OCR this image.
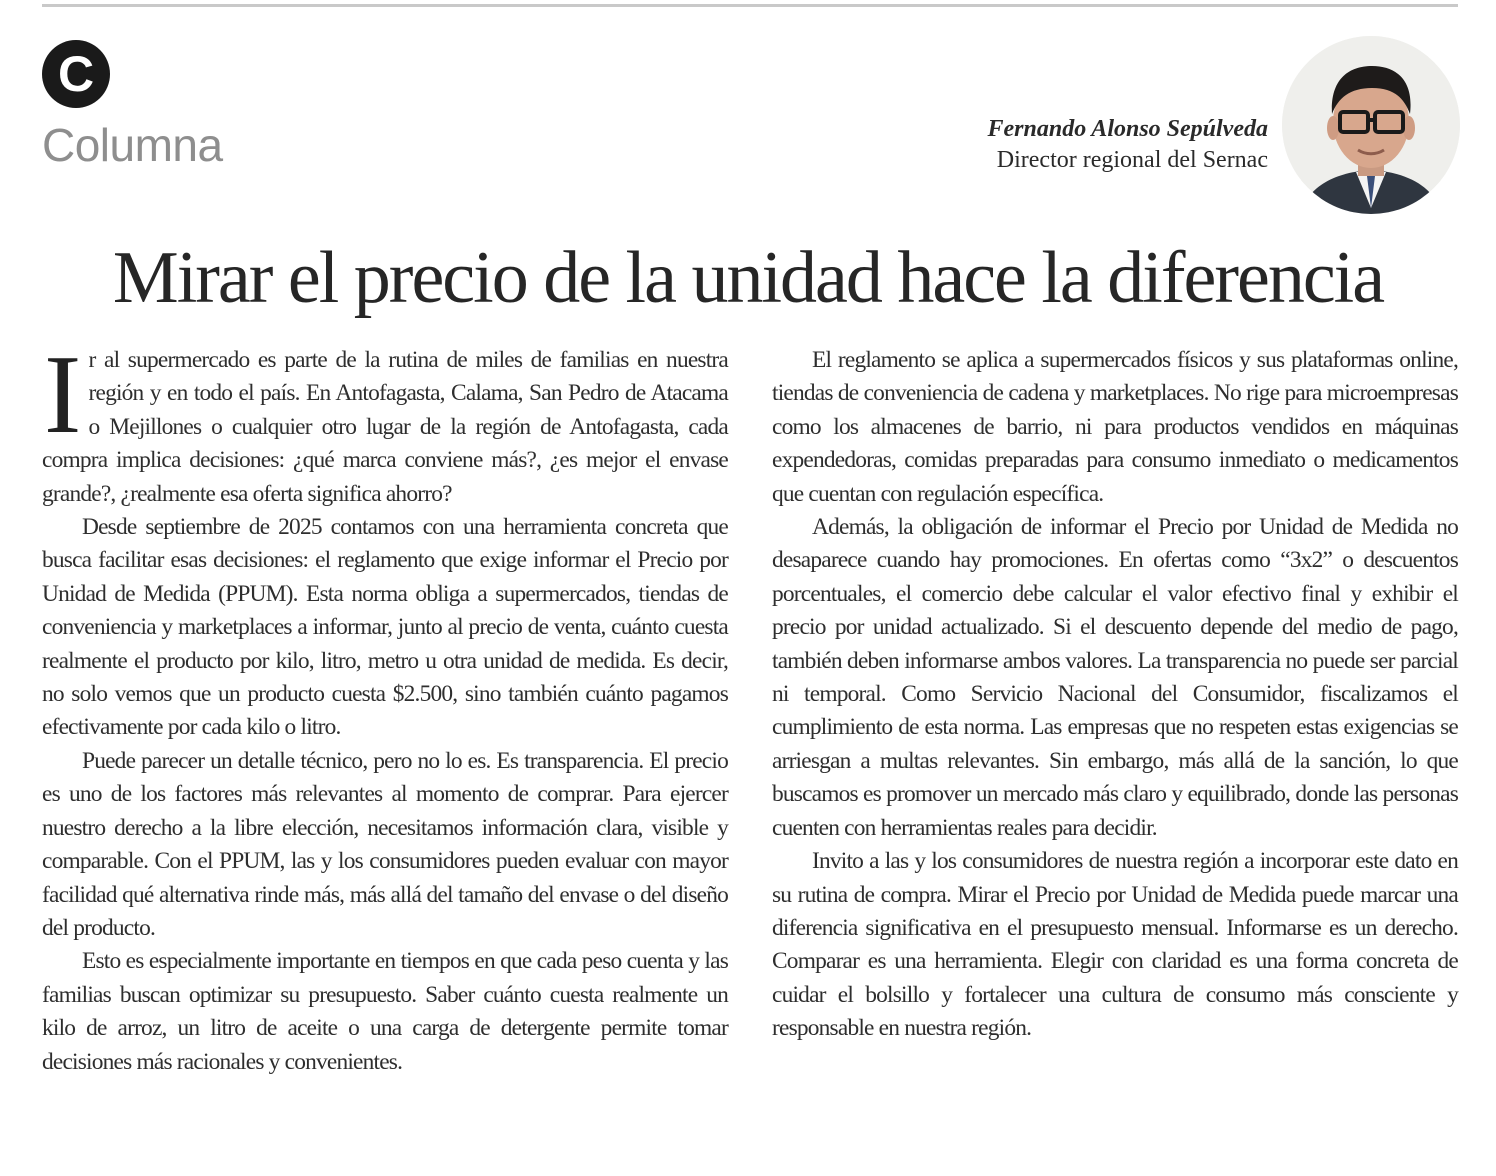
C
Columna	Fernando Alonso Sepúlveda
Director regional del Sernac
Mirar el precio de la unidad hace la diferencia

Ir al supermercado es parte de la rutina de miles de familias en nuestra región y en todo el país. En Antofagasta, Calama, San Pedro de Atacama o Mejillones o cualquier otro lugar de la región de Antofagasta, cada compra implica decisiones: ¿qué marca conviene más?, ¿es mejor el envase grande?, ¿realmente esa oferta significa ahorro?

Desde septiembre de 2025 contamos con una herramienta concreta que busca facilitar esas decisiones: el reglamento que exige informar el Precio por Unidad de Medida (PPUM). Esta norma obliga a supermercados, tiendas de conveniencia y marketplaces a informar, junto al precio de venta, cuánto cuesta realmente el producto por kilo, litro, metro u otra unidad de medida. Es decir, no solo vemos que un producto cuesta $2.500, sino también cuánto pagamos efectivamente por cada kilo o litro.

Puede parecer un detalle técnico, pero no lo es. Es transparencia. El precio es uno de los factores más relevantes al momento de comprar. Para ejercer nuestro derecho a la libre elección, necesitamos información clara, visible y comparable. Con el PPUM, las y los consumidores pueden evaluar con mayor facilidad qué alternativa rinde más, más allá del tamaño del envase o del diseño del producto.

Esto es especialmente importante en tiempos en que cada peso cuenta y las familias buscan optimizar su presupuesto. Saber cuánto cuesta realmente un kilo de arroz, un litro de aceite o una carga de detergente permite tomar decisiones más racionales y convenientes.

El reglamento se aplica a supermercados físicos y sus plataformas online, tiendas de conveniencia de cadena y marketplaces. No rige para microempresas como los almacenes de barrio, ni para productos vendidos en máquinas expendedoras, comidas preparadas para consumo inmediato o medicamentos que cuentan con regulación específica.

Además, la obligación de informar el Precio por Unidad de Medida no desaparece cuando hay promociones. En ofertas como “3x2” o descuentos porcentuales, el comercio debe calcular el valor efectivo final y exhibir el precio por unidad actualizado. Si el descuento depende del medio de pago, también deben informarse ambos valores. La transparencia no puede ser parcial ni temporal. Como Servicio Nacional del Consumidor, fiscalizamos el cumplimiento de esta norma. Las empresas que no respeten estas exigencias se arriesgan a multas relevantes. Sin embargo, más allá de la sanción, lo que buscamos es promover un mercado más claro y equilibrado, donde las personas cuenten con herramientas reales para decidir.

Invito a las y los consumidores de nuestra región a incorporar este dato en su rutina de compra. Mirar el Precio por Unidad de Medida puede marcar una diferencia significativa en el presupuesto mensual. Informarse es un derecho. Comparar es una herramienta. Elegir con claridad es una forma concreta de cuidar el bolsillo y fortalecer una cultura de consumo más consciente y responsable en nuestra región.
